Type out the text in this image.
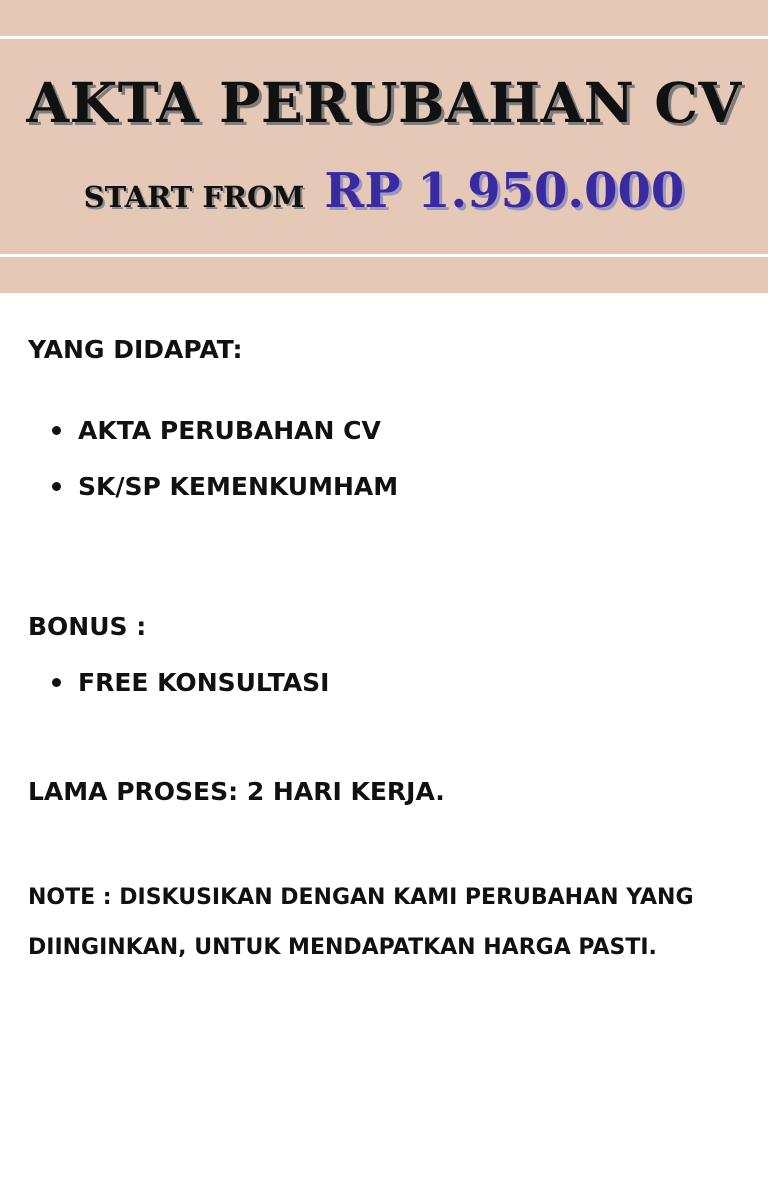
AKTA PERUBAHAN CV
START FROM RP 1.950.000
YANG DIDAPAT:
AKTA PERUBAHAN CV
SK/SP KEMENKUMHAM
BONUS :
FREE KONSULTASI
LAMA PROSES: 2 HARI KERJA.
NOTE : DISKUSIKAN DENGAN KAMI PERUBAHAN YANG
DIINGINKAN, UNTUK MENDAPATKAN HARGA PASTI.
